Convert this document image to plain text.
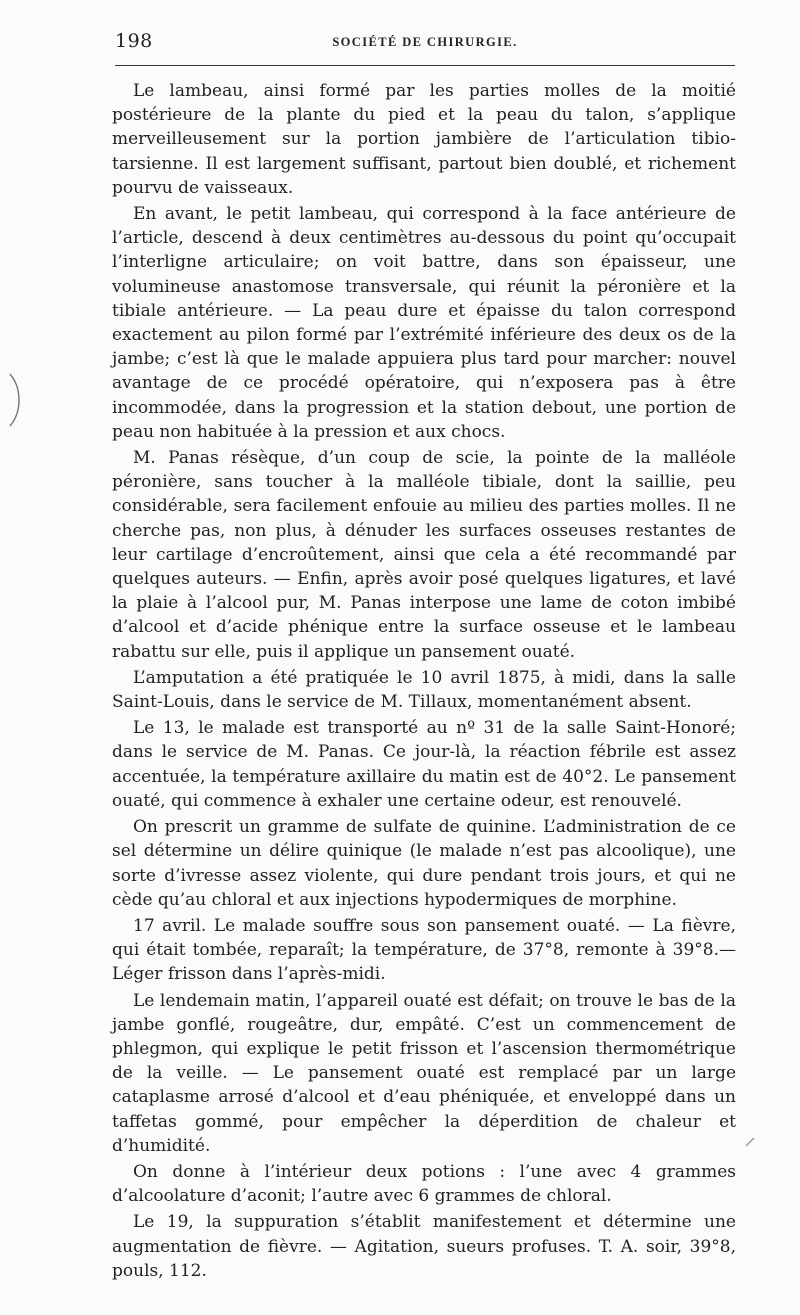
198	SOCIÉTÉ DE CHIRURGIE.

Le lambeau, ainsi formé par les parties molles de la moitié postérieure de la plante du pied et la peau du talon, s’applique merveilleusement sur la portion jambière de l’articulation tibio-tarsienne. Il est largement suffisant, partout bien doublé, et richement pourvu de vaisseaux.

En avant, le petit lambeau, qui correspond à la face antérieure de l’article, descend à deux centimètres au-dessous du point qu’occupait l’interligne articulaire; on voit battre, dans son épaisseur, une volumineuse anastomose transversale, qui réunit la péronière et la tibiale antérieure. — La peau dure et épaisse du talon correspond exactement au pilon formé par l’extrémité inférieure des deux os de la jambe; c’est là que le malade appuiera plus tard pour marcher: nouvel avantage de ce procédé opératoire, qui n’exposera pas à être incommodée, dans la progression et la station debout, une portion de peau non habituée à la pression et aux chocs.

M. Panas résèque, d’un coup de scie, la pointe de la malléole péronière, sans toucher à la malléole tibiale, dont la saillie, peu considérable, sera facilement enfouie au milieu des parties molles. Il ne cherche pas, non plus, à dénuder les surfaces osseuses restantes de leur cartilage d’encroûtement, ainsi que cela a été recommandé par quelques auteurs. — Enfin, après avoir posé quelques ligatures, et lavé la plaie à l’alcool pur, M. Panas interpose une lame de coton imbibé d’alcool et d’acide phénique entre la surface osseuse et le lambeau rabattu sur elle, puis il applique un pansement ouaté.

L’amputation a été pratiquée le 10 avril 1875, à midi, dans la salle Saint-Louis, dans le service de M. Tillaux, momentanément absent.

Le 13, le malade est transporté au nº 31 de la salle Saint-Honoré; dans le service de M. Panas. Ce jour-là, la réaction fébrile est assez accentuée, la température axillaire du matin est de 40°2. Le pansement ouaté, qui commence à exhaler une certaine odeur, est renouvelé.

On prescrit un gramme de sulfate de quinine. L’administration de ce sel détermine un délire quinique (le malade n’est pas alcoolique), une sorte d’ivresse assez violente, qui dure pendant trois jours, et qui ne cède qu’au chloral et aux injections hypodermiques de morphine.

17 avril. Le malade souffre sous son pansement ouaté. — La fièvre, qui était tombée, reparaît; la température, de 37°8, remonte à 39°8.— Léger frisson dans l’après-midi.

Le lendemain matin, l’appareil ouaté est défait; on trouve le bas de la jambe gonflé, rougeâtre, dur, empâté. C’est un commencement de phlegmon, qui explique le petit frisson et l’ascension thermométrique de la veille. — Le pansement ouaté est remplacé par un large cataplasme arrosé d’alcool et d’eau phéniquée, et enveloppé dans un taffetas gommé, pour empêcher la déperdition de chaleur et d’humidité.

On donne à l’intérieur deux potions : l’une avec 4 grammes d’alcoolature d’aconit; l’autre avec 6 grammes de chloral.

Le 19, la suppuration s’établit manifestement et détermine une augmentation de fièvre. — Agitation, sueurs profuses. T. A. soir, 39°8, pouls, 112.
